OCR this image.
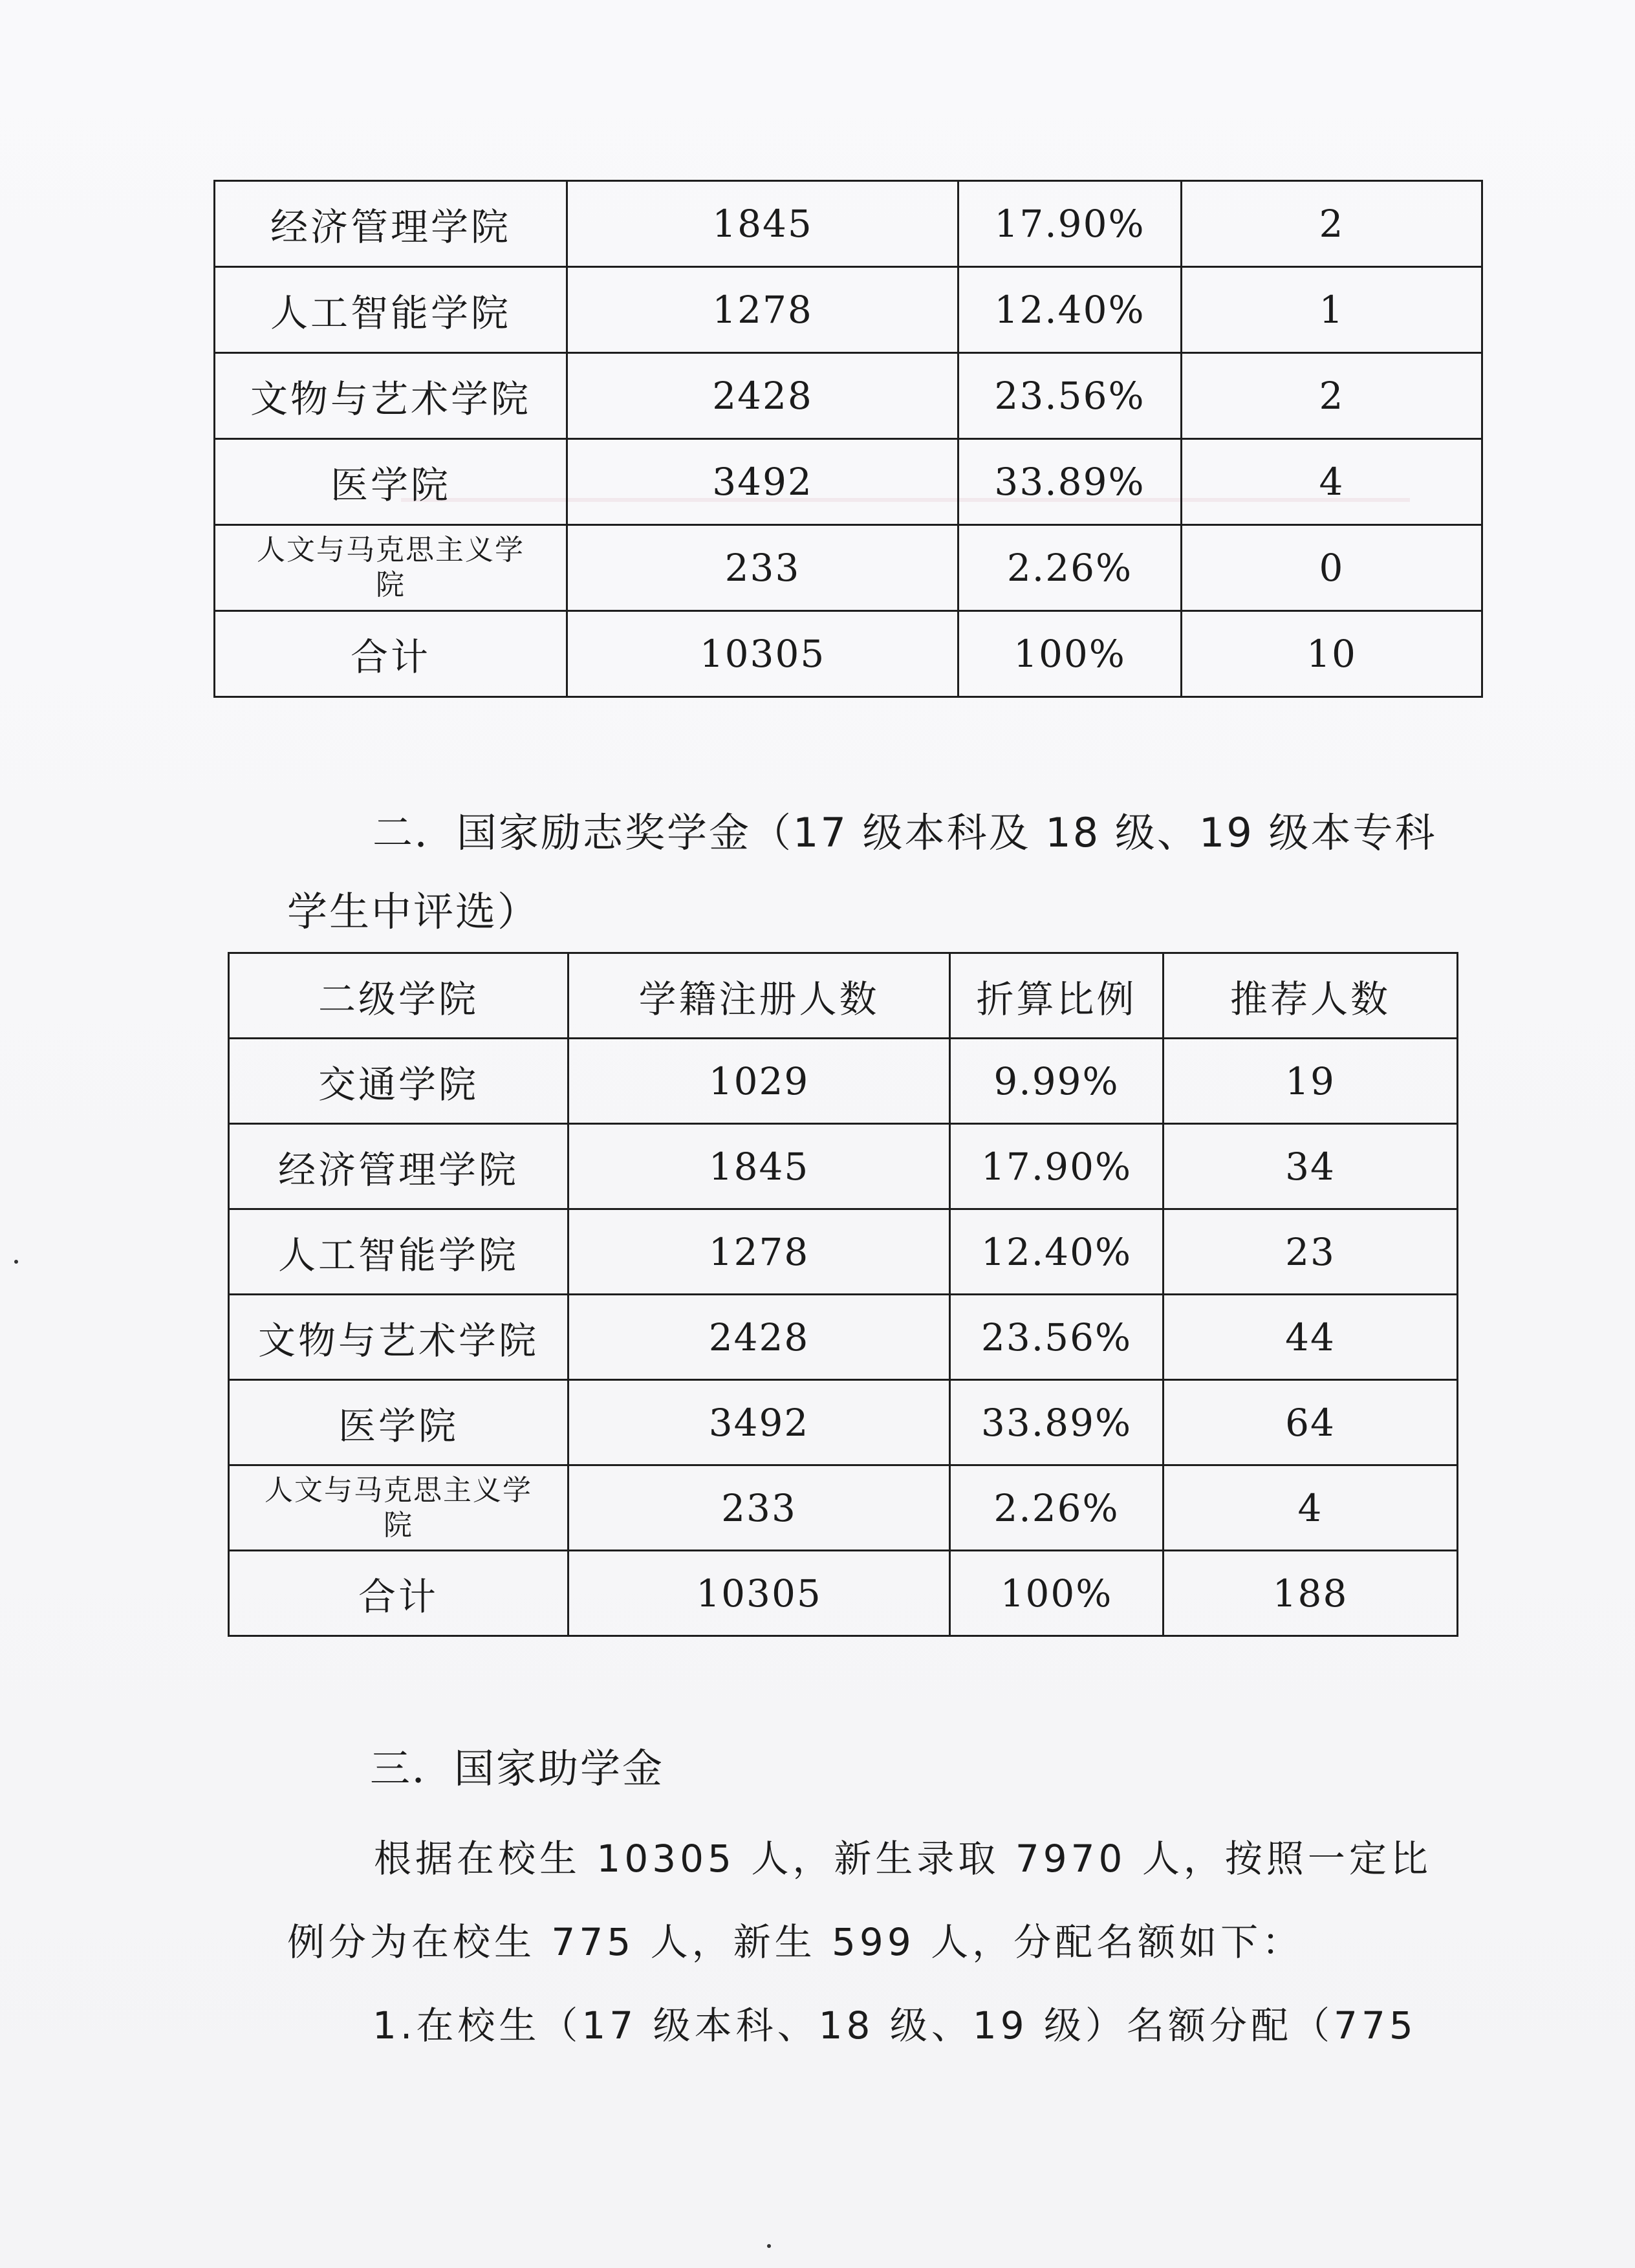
经济管理学院	1845	17.90%	2
人工智能学院	1278	12.40%	1
文物与艺术学院	2428	23.56%	2
医学院	3492	33.89%	4

人文与马克思主义学
院	233	2.26%	0
合计	10305	100%	10
二．国家励志奖学金（17 级本科及 18 级、19 级本专科
学生中评选）
二级学院	学籍注册人数	折算比例	推荐人数
交通学院	1029	9.99%	19
经济管理学院	1845	17.90%	34
人工智能学院	1278	12.40%	23
文物与艺术学院	2428	23.56%	44
医学院	3492	33.89%	64

人文与马克思主义学
院	233	2.26%	4
合计	10305	100%	188
三．国家助学金
根据在校生 10305 人，新生录取 7970 人，按照一定比
例分为在校生 775 人，新生 599 人，分配名额如下：
1.在校生（17 级本科、18 级、19 级）名额分配（775
